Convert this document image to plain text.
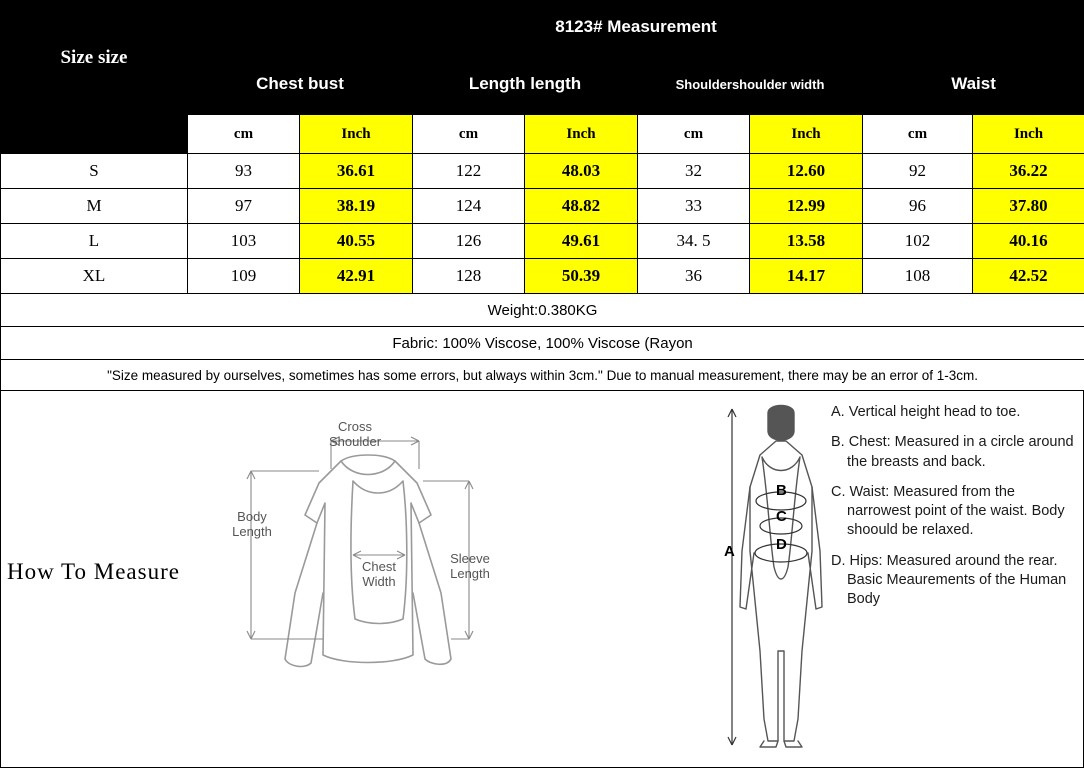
Size size	8123# Measurement							
	Chest bust		Length length		Shouldershoulder width		Waist	
	cm	Inch	cm	Inch	cm	Inch	cm	Inch
S	93	36.61	122	48.03	32	12.60	92	36.22
M	97	38.19	124	48.82	33	12.99	96	37.80
L	103	40.55	126	49.61	34. 5	13.58	102	40.16
XL	109	42.91	128	50.39	36	14.17	108	42.52
Weight:0.380KG								
Fabric: 100% Viscose, 100% Viscose (Rayon								
"Size measured by ourselves, sometimes has some errors, but always within 3cm." Due to manual measurement, there may be an error of 1-3cm.								
How To Measure
Cross
Shoulder
Body
Length
Chest
Width
Sleeve
Length
A
B
C
D

A. Vertical height head to toe.

B. Chest: Measured in a circle around the breasts and back.

C. Waist: Measured from the narrowest point of the waist. Body shoould be relaxed.

D. Hips: Measured around the rear. Basic Meaurements of the Human Body
